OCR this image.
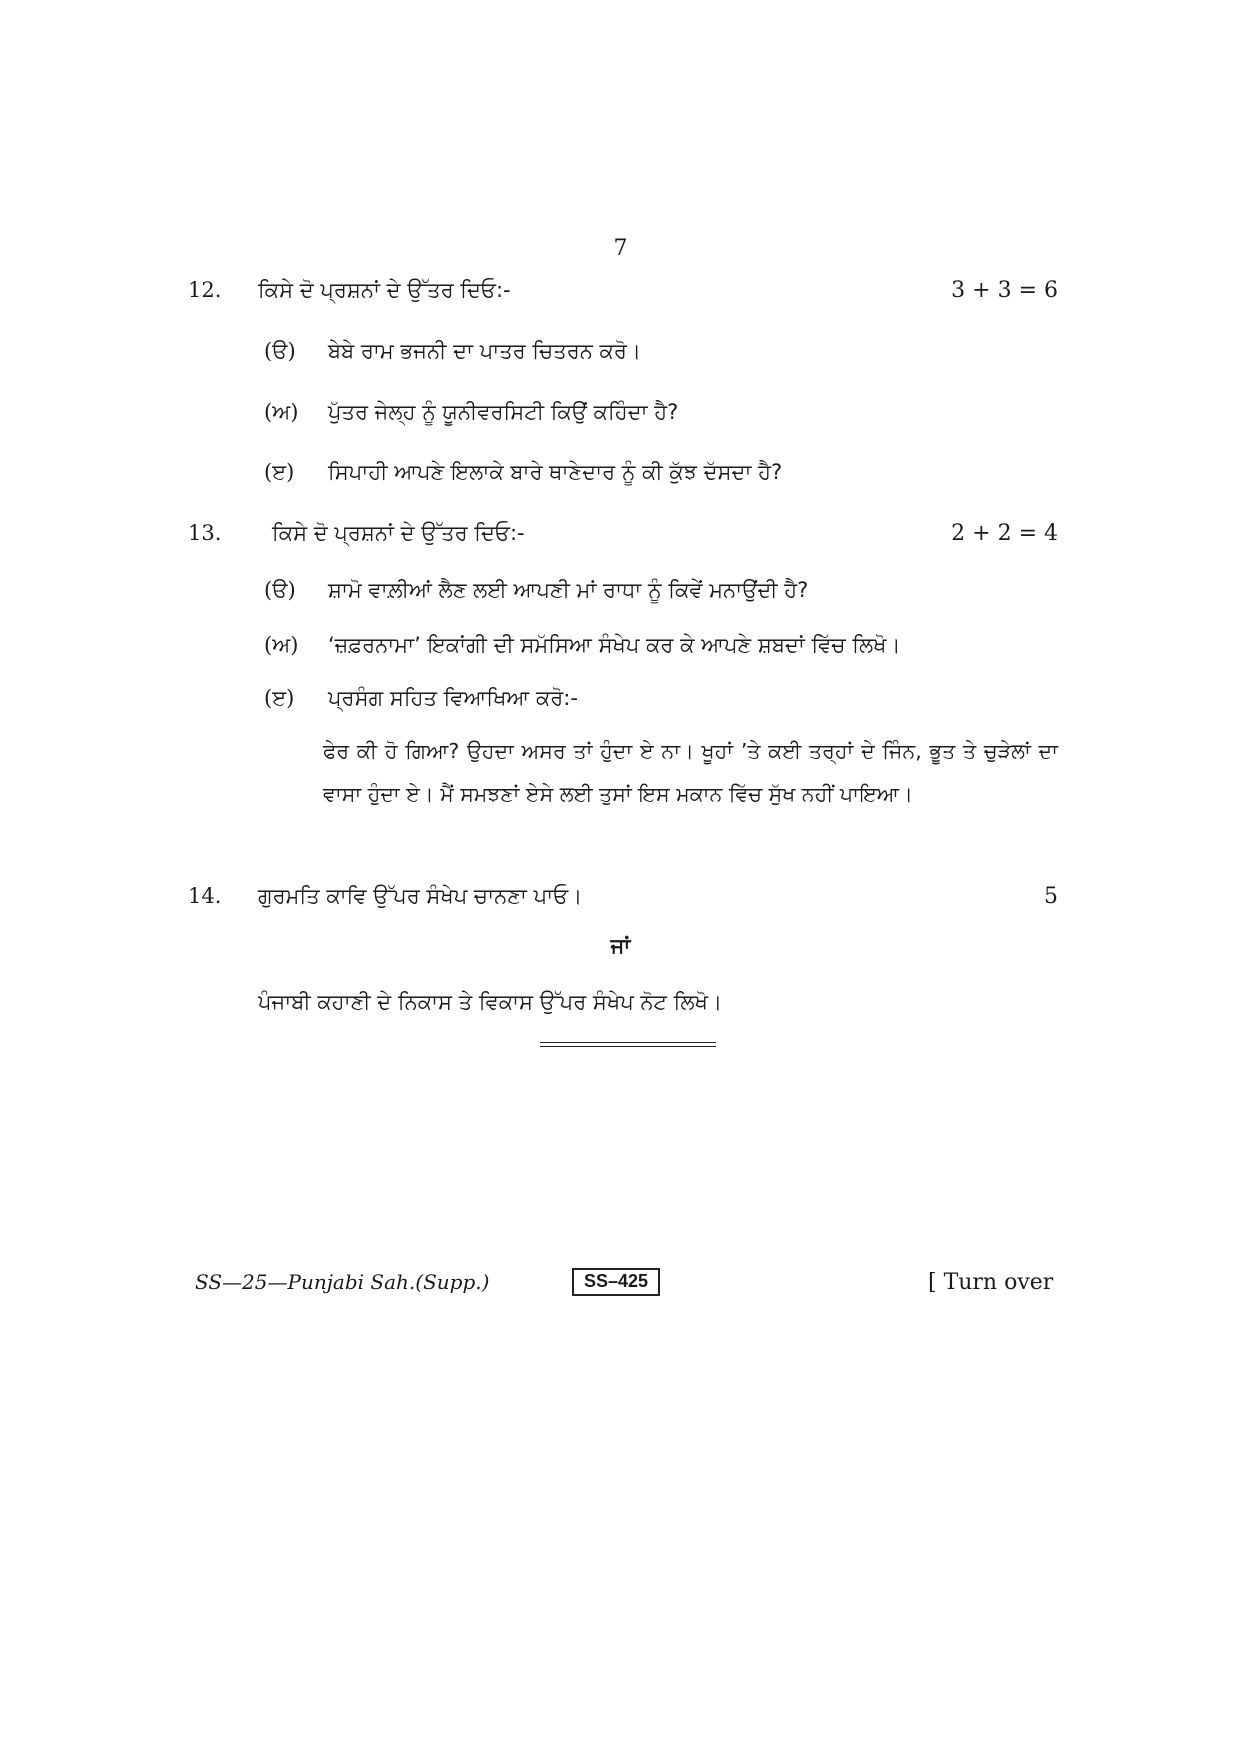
7
12. ਕਿਸੇ ਦੋ ਪ੍ਰਸ਼ਨਾਂ ਦੇ ਉੱਤਰ ਦਿਓ:-	3 + 3 = 6
(ੳ) ਬੇਬੇ ਰਾਮ ਭਜਨੀ ਦਾ ਪਾਤਰ ਚਿਤਰਨ ਕਰੋ।
(ਅ) ਪੁੱਤਰ ਜੇਲ੍ਹ ਨੂੰ ਯੂਨੀਵਰਸਿਟੀ ਕਿਉਂ ਕਹਿੰਦਾ ਹੈ?
(ੲ) ਸਿਪਾਹੀ ਆਪਣੇ ਇਲਾਕੇ ਬਾਰੇ ਥਾਣੇਦਾਰ ਨੂੰ ਕੀ ਕੁੱਝ ਦੱਸਦਾ ਹੈ?
13. ਕਿਸੇ ਦੋ ਪ੍ਰਸ਼ਨਾਂ ਦੇ ਉੱਤਰ ਦਿਓ:-	2 + 2 = 4
(ੳ) ਸ਼ਾਮੋ ਵਾਲ਼ੀਆਂ ਲੈਣ ਲਈ ਆਪਣੀ ਮਾਂ ਰਾਧਾ ਨੂੰ ਕਿਵੇਂ ਮਨਾਉਂਦੀ ਹੈ?
(ਅ) ‘ਜ਼ਫ਼ਰਨਾਮਾ’ ਇਕਾਂਗੀ ਦੀ ਸਮੱਸਿਆ ਸੰਖੇਪ ਕਰ ਕੇ ਆਪਣੇ ਸ਼ਬਦਾਂ ਵਿੱਚ ਲਿਖੋ।
(ੲ) ਪ੍ਰਸੰਗ ਸਹਿਤ ਵਿਆਖਿਆ ਕਰੋ:-
ਫੇਰ ਕੀ ਹੋ ਗਿਆ? ਉਹਦਾ ਅਸਰ ਤਾਂ ਹੁੰਦਾ ਏ ਨਾ। ਖੂਹਾਂ ’ਤੇ ਕਈ ਤਰ੍ਹਾਂ ਦੇ ਜਿੰਨ, ਭੂਤ ਤੇ ਚੁੜੇਲਾਂ ਦਾ ਵਾਸਾ ਹੁੰਦਾ ਏ। ਮੈਂ ਸਮਝਣਾਂ ਏਸੇ ਲਈ ਤੁਸਾਂ ਇਸ ਮਕਾਨ ਵਿੱਚ ਸੁੱਖ ਨਹੀਂ ਪਾਇਆ।
14. ਗੁਰਮਤਿ ਕਾਵਿ ਉੱਪਰ ਸੰਖੇਪ ਚਾਨਣਾ ਪਾਓ।	5
ਜਾਂ
ਪੰਜਾਬੀ ਕਹਾਣੀ ਦੇ ਨਿਕਾਸ ਤੇ ਵਿਕਾਸ ਉੱਪਰ ਸੰਖੇਪ ਨੋਟ ਲਿਖੋ।
SS—25—Punjabi Sah.(Supp.)	SS–425	[ Turn over
